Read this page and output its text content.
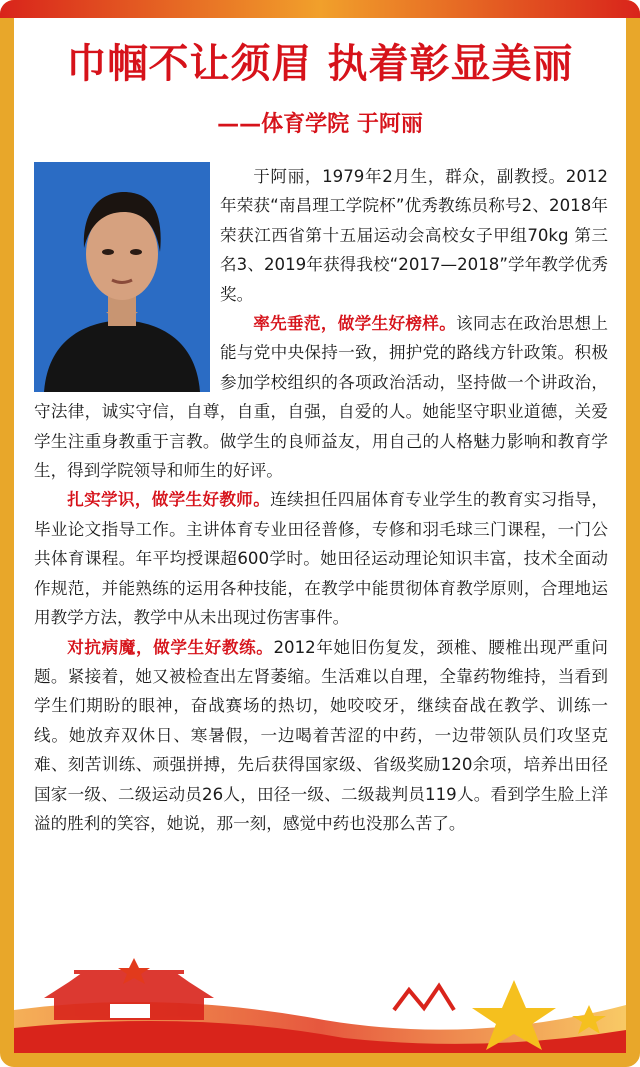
巾帼不让须眉 执着彰显美丽
——体育学院 于阿丽

于阿丽，1979年2月生，群众，副教授。2012年荣获“南昌理工学院杯”优秀教练员称号2、2018年荣获江西省第十五届运动会高校女子甲组70kg 第三名3、2019年获得我校“2017—2018”学年教学优秀奖。

率先垂范，做学生好榜样。该同志在政治思想上能与党中央保持一致，拥护党的路线方针政策。积极参加学校组织的各项政治活动，坚持做一个讲政治，守法律，诚实守信，自尊，自重，自强，自爱的人。她能坚守职业道德，关爱学生注重身教重于言教。做学生的良师益友，用自己的人格魅力影响和教育学生，得到学院领导和师生的好评。

扎实学识，做学生好教师。连续担任四届体育专业学生的教育实习指导，毕业论文指导工作。主讲体育专业田径普修，专修和羽毛球三门课程，一门公共体育课程。年平均授课超600学时。她田径运动理论知识丰富，技术全面动作规范，并能熟练的运用各种技能，在教学中能贯彻体育教学原则，合理地运用教学方法，教学中从未出现过伤害事件。

对抗病魔，做学生好教练。2012年她旧伤复发，颈椎、腰椎出现严重问题。紧接着，她又被检查出左肾萎缩。生活难以自理，全靠药物维持，当看到学生们期盼的眼神，奋战赛场的热切，她咬咬牙，继续奋战在教学、训练一线。她放弃双休日、寒暑假，一边喝着苦涩的中药，一边带领队员们攻坚克难、刻苦训练、顽强拼搏，先后获得国家级、省级奖励120余项，培养出田径国家一级、二级运动员26人，田径一级、二级裁判员119人。看到学生脸上洋溢的胜利的笑容，她说，那一刻，感觉中药也没那么苦了。
